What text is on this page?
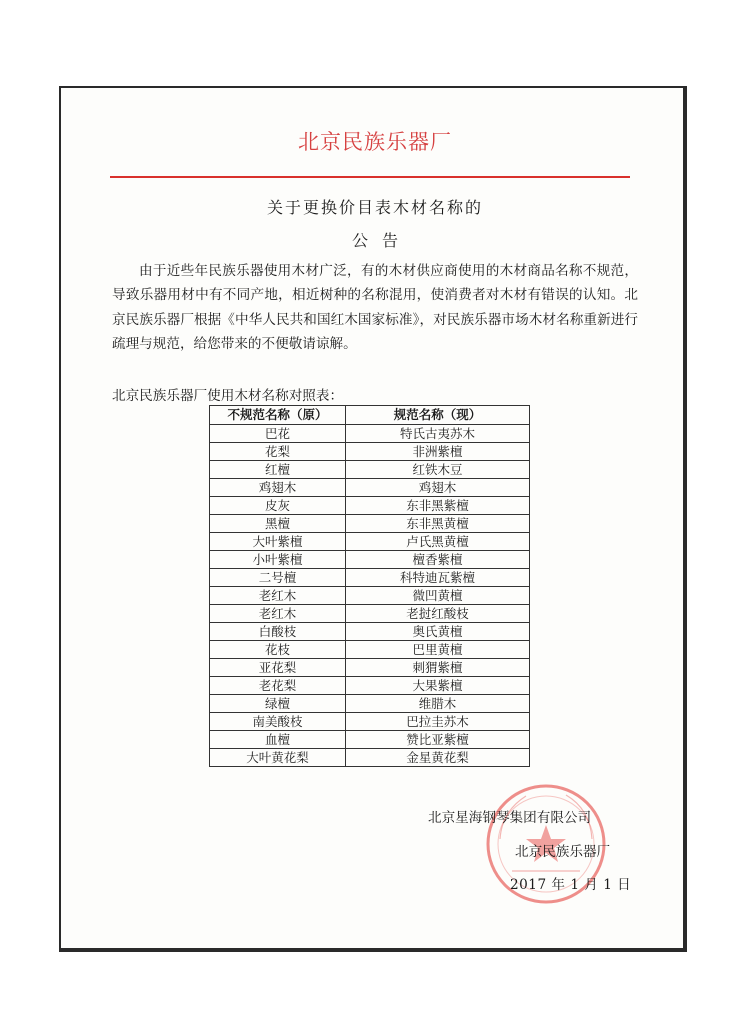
北京民族乐器厂
关于更换价目表木材名称的
公告
由于近些年民族乐器使用木材广泛，有的木材供应商使用的木材商品名称不规范，导致乐器用材中有不同产地，相近树种的名称混用，使消费者对木材有错误的认知。北京民族乐器厂根据《中华人民共和国红木国家标准》，对民族乐器市场木材名称重新进行疏理与规范，给您带来的不便敬请谅解。
北京民族乐器厂使用木材名称对照表：
不规范名称（原）	规范名称（现）
巴花	特氏古夷苏木
花梨	非洲紫檀
红檀	红铁木豆
鸡翅木	鸡翅木
皮灰	东非黑紫檀
黑檀	东非黑黄檀
大叶紫檀	卢氏黑黄檀
小叶紫檀	檀香紫檀
二号檀	科特迪瓦紫檀
老红木	微凹黄檀
老红木	老挝红酸枝
白酸枝	奥氏黄檀
花枝	巴里黄檀
亚花梨	刺猬紫檀
老花梨	大果紫檀
绿檀	维腊木
南美酸枝	巴拉圭苏木
血檀	赞比亚紫檀
大叶黄花梨	金星黄花梨
北京星海钢琴集团有限公司
北京民族乐器厂
2017 年 1 月 1 日
